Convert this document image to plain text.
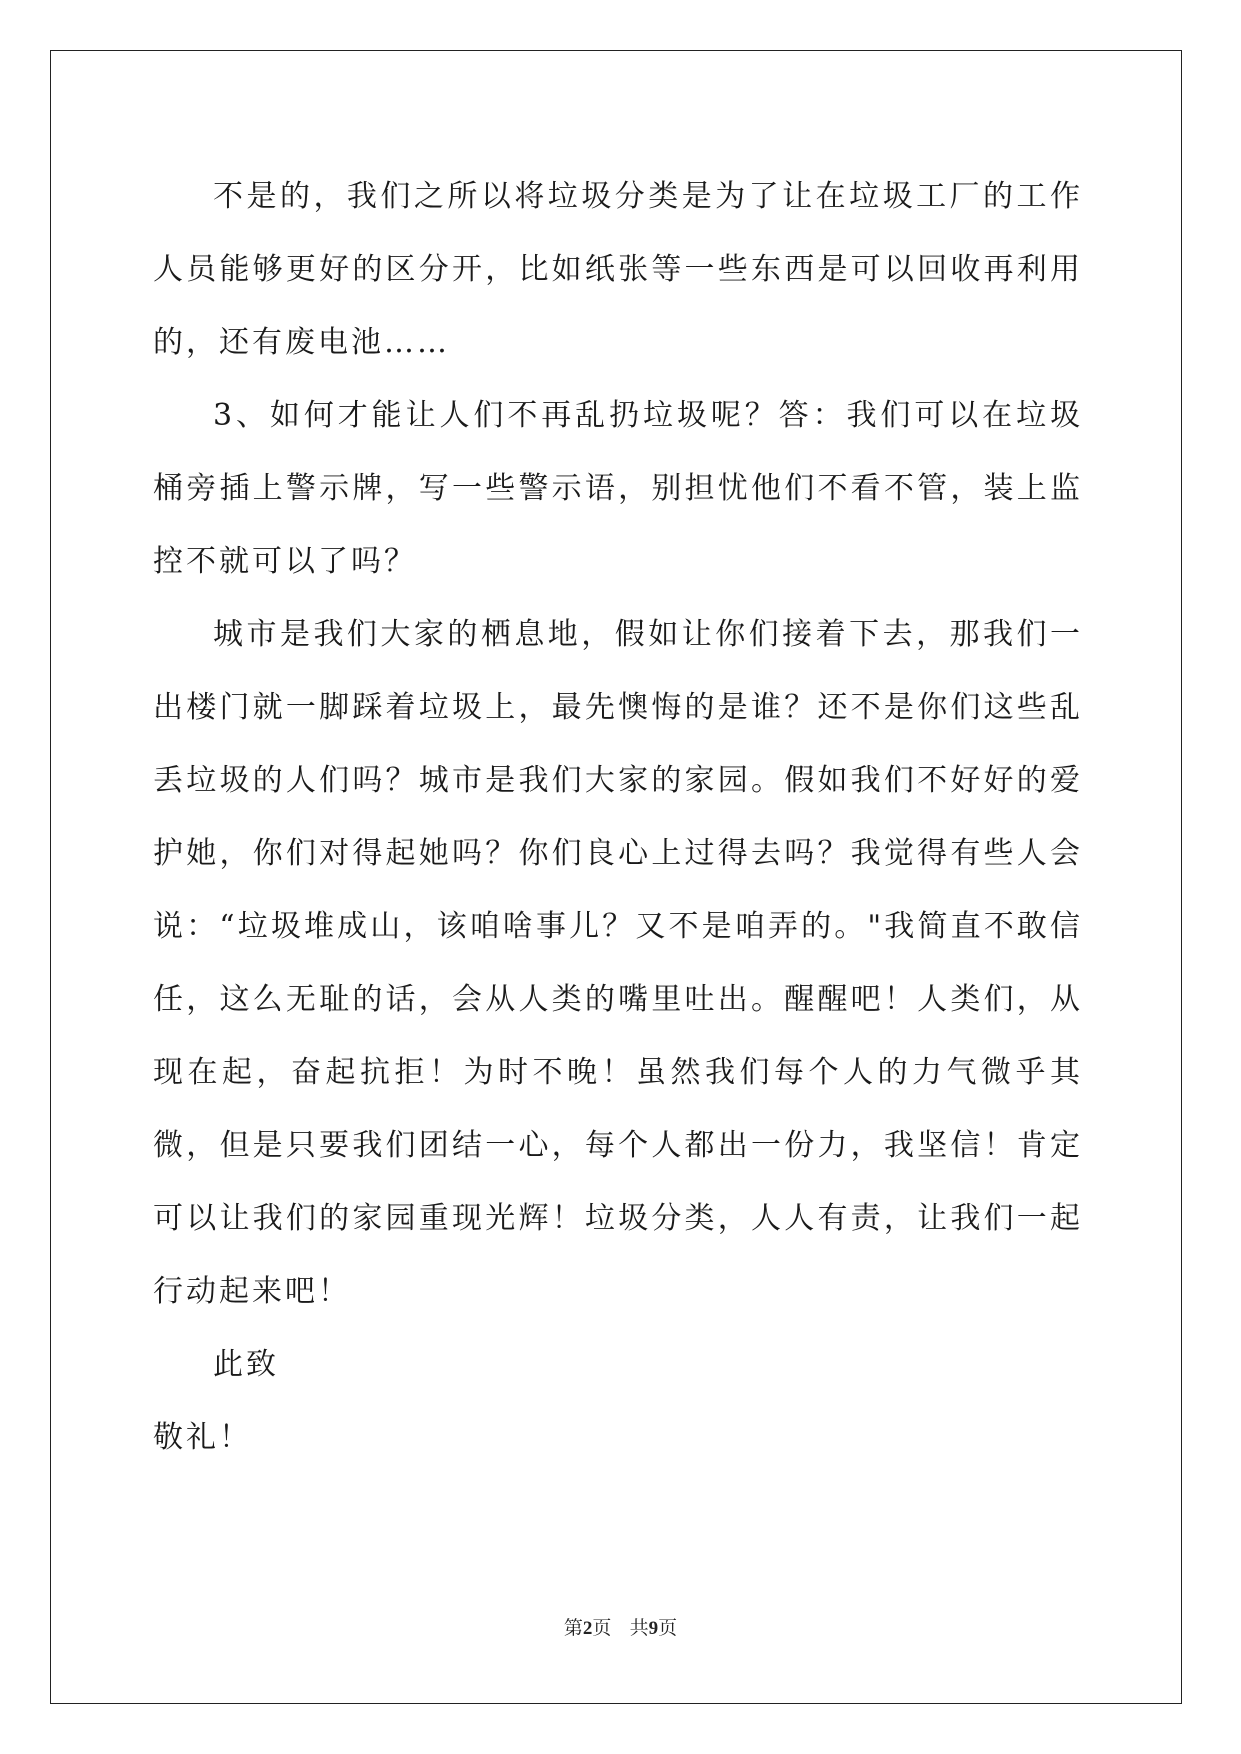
不是的，我们之所以将垃圾分类是为了让在垃圾工厂的工作人员能够更好的区分开，比如纸张等一些东西是可以回收再利用的，还有废电池……

3、如何才能让人们不再乱扔垃圾呢？答：我们可以在垃圾桶旁插上警示牌，写一些警示语，别担忧他们不看不管，装上监控不就可以了吗？

城市是我们大家的栖息地，假如让你们接着下去，那我们一出楼门就一脚踩着垃圾上，最先懊悔的是谁？还不是你们这些乱丢垃圾的人们吗？城市是我们大家的家园。假如我们不好好的爱护她，你们对得起她吗？你们良心上过得去吗？我觉得有些人会说：“垃圾堆成山，该咱啥事儿？又不是咱弄的。"我简直不敢信任，这么无耻的话，会从人类的嘴里吐出。醒醒吧！人类们，从现在起，奋起抗拒！为时不晚！虽然我们每个人的力气微乎其微，但是只要我们团结一心，每个人都出一份力，我坚信！肯定可以让我们的家园重现光辉！垃圾分类，人人有责，让我们一起行动起来吧！

此致

敬礼！

第2页 共9页
